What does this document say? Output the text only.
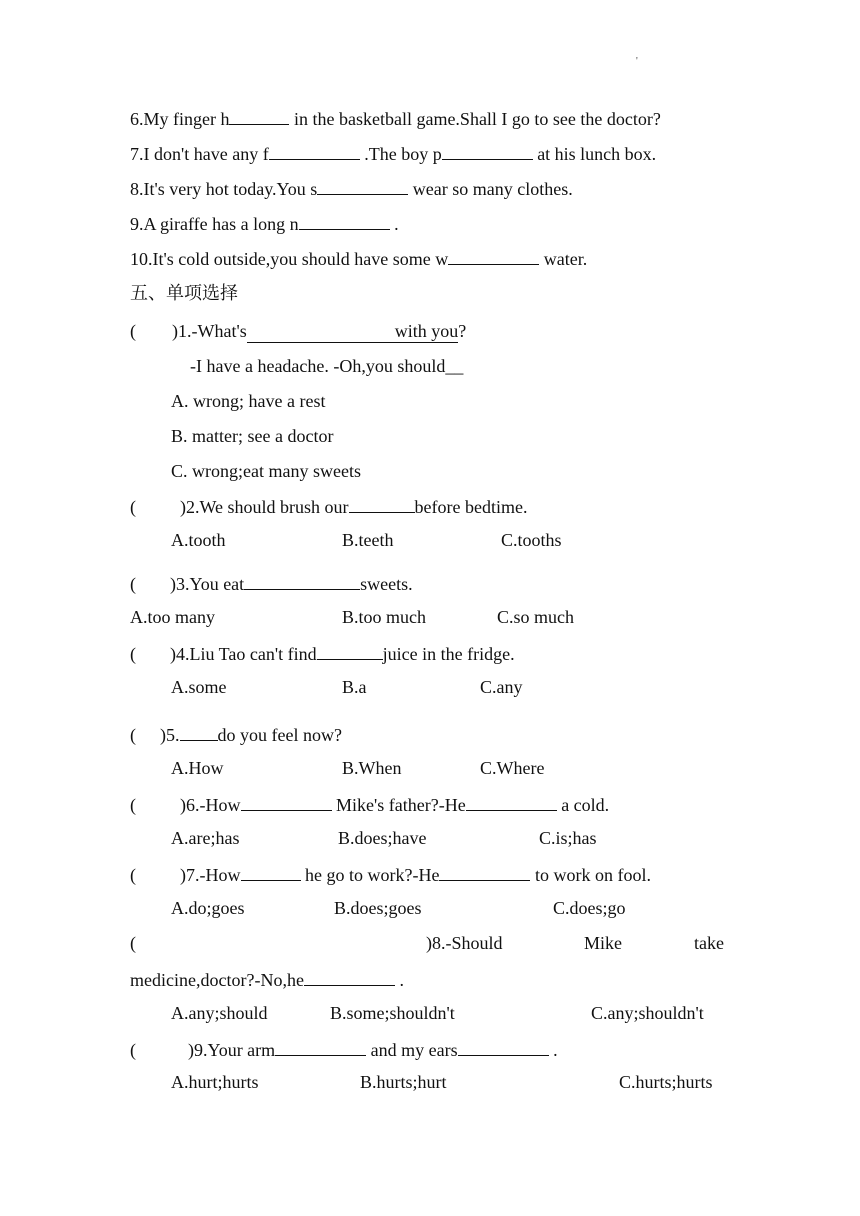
'
6.My finger h	in the basketball game.Shall I go to see the doctor?
7.I don't have any f	.The boy p	at his lunch box.
8.It's very hot today.You s	wear so many clothes.
9.A giraffe has a long n	.
10.It's cold outside,you should have some w	water.
五、单项选择
( )1.-What's	with you?
-I have a headache. -Oh,you should__
A. wrong; have a rest
B. matter; see a doctor
C. wrong;eat many sweets
( )2.We should brush our	before bedtime.
A.tooth	B.teeth	C.tooths
( )3.You eat	sweets.
A.too many	B.too much	C.so much
( )4.Liu Tao can't find	juice in the fridge.
A.some	B.a	C.any
( )5. do you feel now?
A.How	B.When	C.Where
( )6.-How	Mike's father?-He	a cold.
A.are;has	B.does;have	C.is;has
( )7.-How	he go to work?-He	to work on fool.
A.do;goes	B.does;goes	C.does;go
(	)8.-Should	Mike	take
medicine,doctor?-No,he	.
A.any;should	B.some;shouldn't	C.any;shouldn't
(	)9.Your arm	and my ears	.
A.hurt;hurts	B.hurts;hurt	C.hurts;hurts
